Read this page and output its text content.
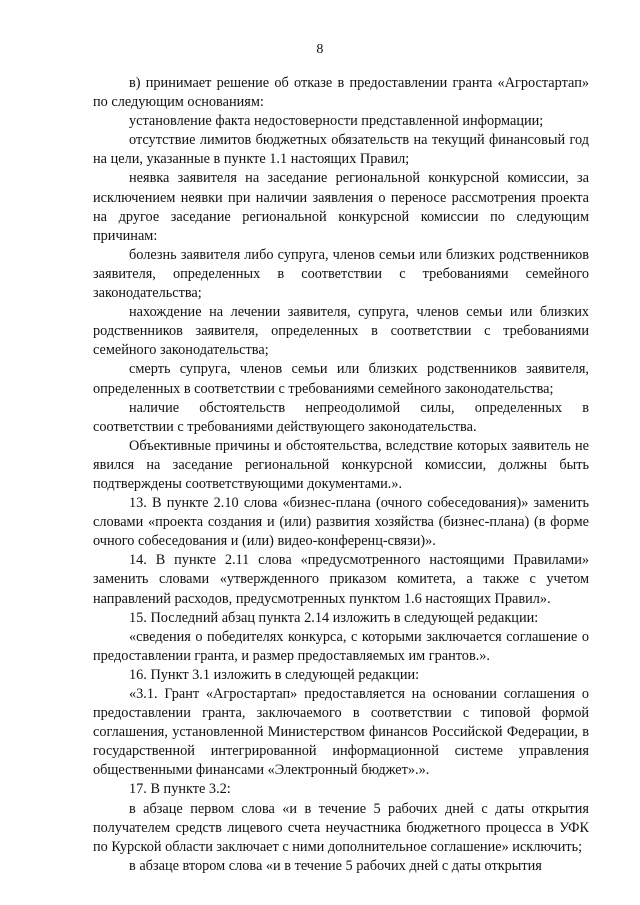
8

в) принимает решение об отказе в предоставлении гранта «Агростартап» по следующим основаниям:

установление факта недостоверности представленной информации;

отсутствие лимитов бюджетных обязательств на текущий финансовый год на цели, указанные в пункте 1.1 настоящих Правил;

неявка заявителя на заседание региональной конкурсной комиссии, за исключением неявки при наличии заявления о переносе рассмотрения проекта на другое заседание региональной конкурсной комиссии по следующим причинам:

болезнь заявителя либо супруга, членов семьи или близких родственников заявителя, определенных в соответствии с требованиями семейного законодательства;

нахождение на лечении заявителя, супруга, членов семьи или близких родственников заявителя, определенных в соответствии с требованиями семейного законодательства;

смерть супруга, членов семьи или близких родственников заявителя, определенных в соответствии с требованиями семейного законодательства;

наличие обстоятельств непреодолимой силы, определенных в соответствии с требованиями действующего законодательства.

Объективные причины и обстоятельства, вследствие которых заявитель не явился на заседание региональной конкурсной комиссии, должны быть подтверждены соответствующими документами.».

13. В пункте 2.10 слова «бизнес-плана (очного собеседования)» заменить словами «проекта создания и (или) развития хозяйства (бизнес-плана) (в форме очного собеседования и (или) видео-конференц-связи)».

14. В пункте 2.11 слова «предусмотренного настоящими Правилами» заменить словами «утвержденного приказом комитета, а также с учетом направлений расходов, предусмотренных пунктом 1.6 настоящих Правил».

15. Последний абзац пункта 2.14 изложить в следующей редакции:

«сведения о победителях конкурса, с которыми заключается соглашение о предоставлении гранта, и размер предоставляемых им грантов.».

16. Пункт 3.1 изложить в следующей редакции:

«3.1. Грант «Агростартап» предоставляется на основании соглашения о предоставлении гранта, заключаемого в соответствии с типовой формой соглашения, установленной Министерством финансов Российской Федерации, в государственной интегрированной информационной системе управления общественными финансами «Электронный бюджет».».

17. В пункте 3.2:

в абзаце первом слова «и в течение 5 рабочих дней с даты открытия получателем средств лицевого счета неучастника бюджетного процесса в УФК по Курской области заключает с ними дополнительное соглашение» исключить;

в абзаце втором слова «и в течение 5 рабочих дней с даты открытия
